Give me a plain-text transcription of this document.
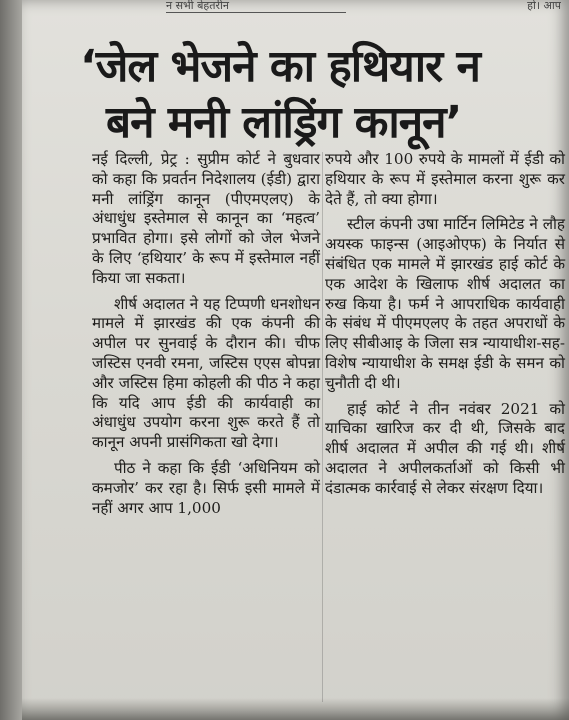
न सभी बेहतरीन	हो। आप
‘जेल भेजने का हथियार न
बने मनी लांड्रिंग कानून’

नई दिल्ली, प्रेट्र : सुप्रीम कोर्ट ने बुधवार को कहा कि प्रवर्तन निदेशालय (ईडी) द्वारा मनी लांड्रिंग कानून (पीएमएलए) के अंधाधुंध इस्तेमाल से कानून का ‘महत्व’ प्रभावित होगा। इसे लोगों को जेल भेजने के लिए ‘हथियार’ के रूप में इस्तेमाल नहीं किया जा सकता।

शीर्ष अदालत ने यह टिप्पणी धनशोधन मामले में झारखंड की एक कंपनी की अपील पर सुनवाई के दौरान की। चीफ जस्टिस एनवी रमना, जस्टिस एएस बोपन्ना और जस्टिस हिमा कोहली की पीठ ने कहा कि यदि आप ईडी की कार्यवाही का अंधाधुंध उपयोग करना शुरू करते हैं तो कानून अपनी प्रासंगिकता खो देगा।

पीठ ने कहा कि ईडी ‘अधिनियम को कमजोर’ कर रहा है। सिर्फ इसी मामले में नहीं अगर आप 1,000

रुपये और 100 रुपये के मामलों में ईडी को हथियार के रूप में इस्तेमाल करना शुरू कर देते हैं, तो क्या होगा।

स्टील कंपनी उषा मार्टिन लिमिटेड ने लौह अयस्क फाइन्स (आइओएफ) के निर्यात से संबंधित एक मामले में झारखंड हाई कोर्ट के एक आदेश के खिलाफ शीर्ष अदालत का रुख किया है। फर्म ने आपराधिक कार्यवाही के संबंध में पीएमएलए के तहत अपराधों के लिए सीबीआइ के जिला सत्र न्यायाधीश-सह-विशेष न्यायाधीश के समक्ष ईडी के समन को चुनौती दी थी।

हाई कोर्ट ने तीन नवंबर 2021 को याचिका खारिज कर दी थी, जिसके बाद शीर्ष अदालत में अपील की गई थी। शीर्ष अदालत ने अपीलकर्ताओं को किसी भी दंडात्मक कार्रवाई से लेकर संरक्षण दिया।
